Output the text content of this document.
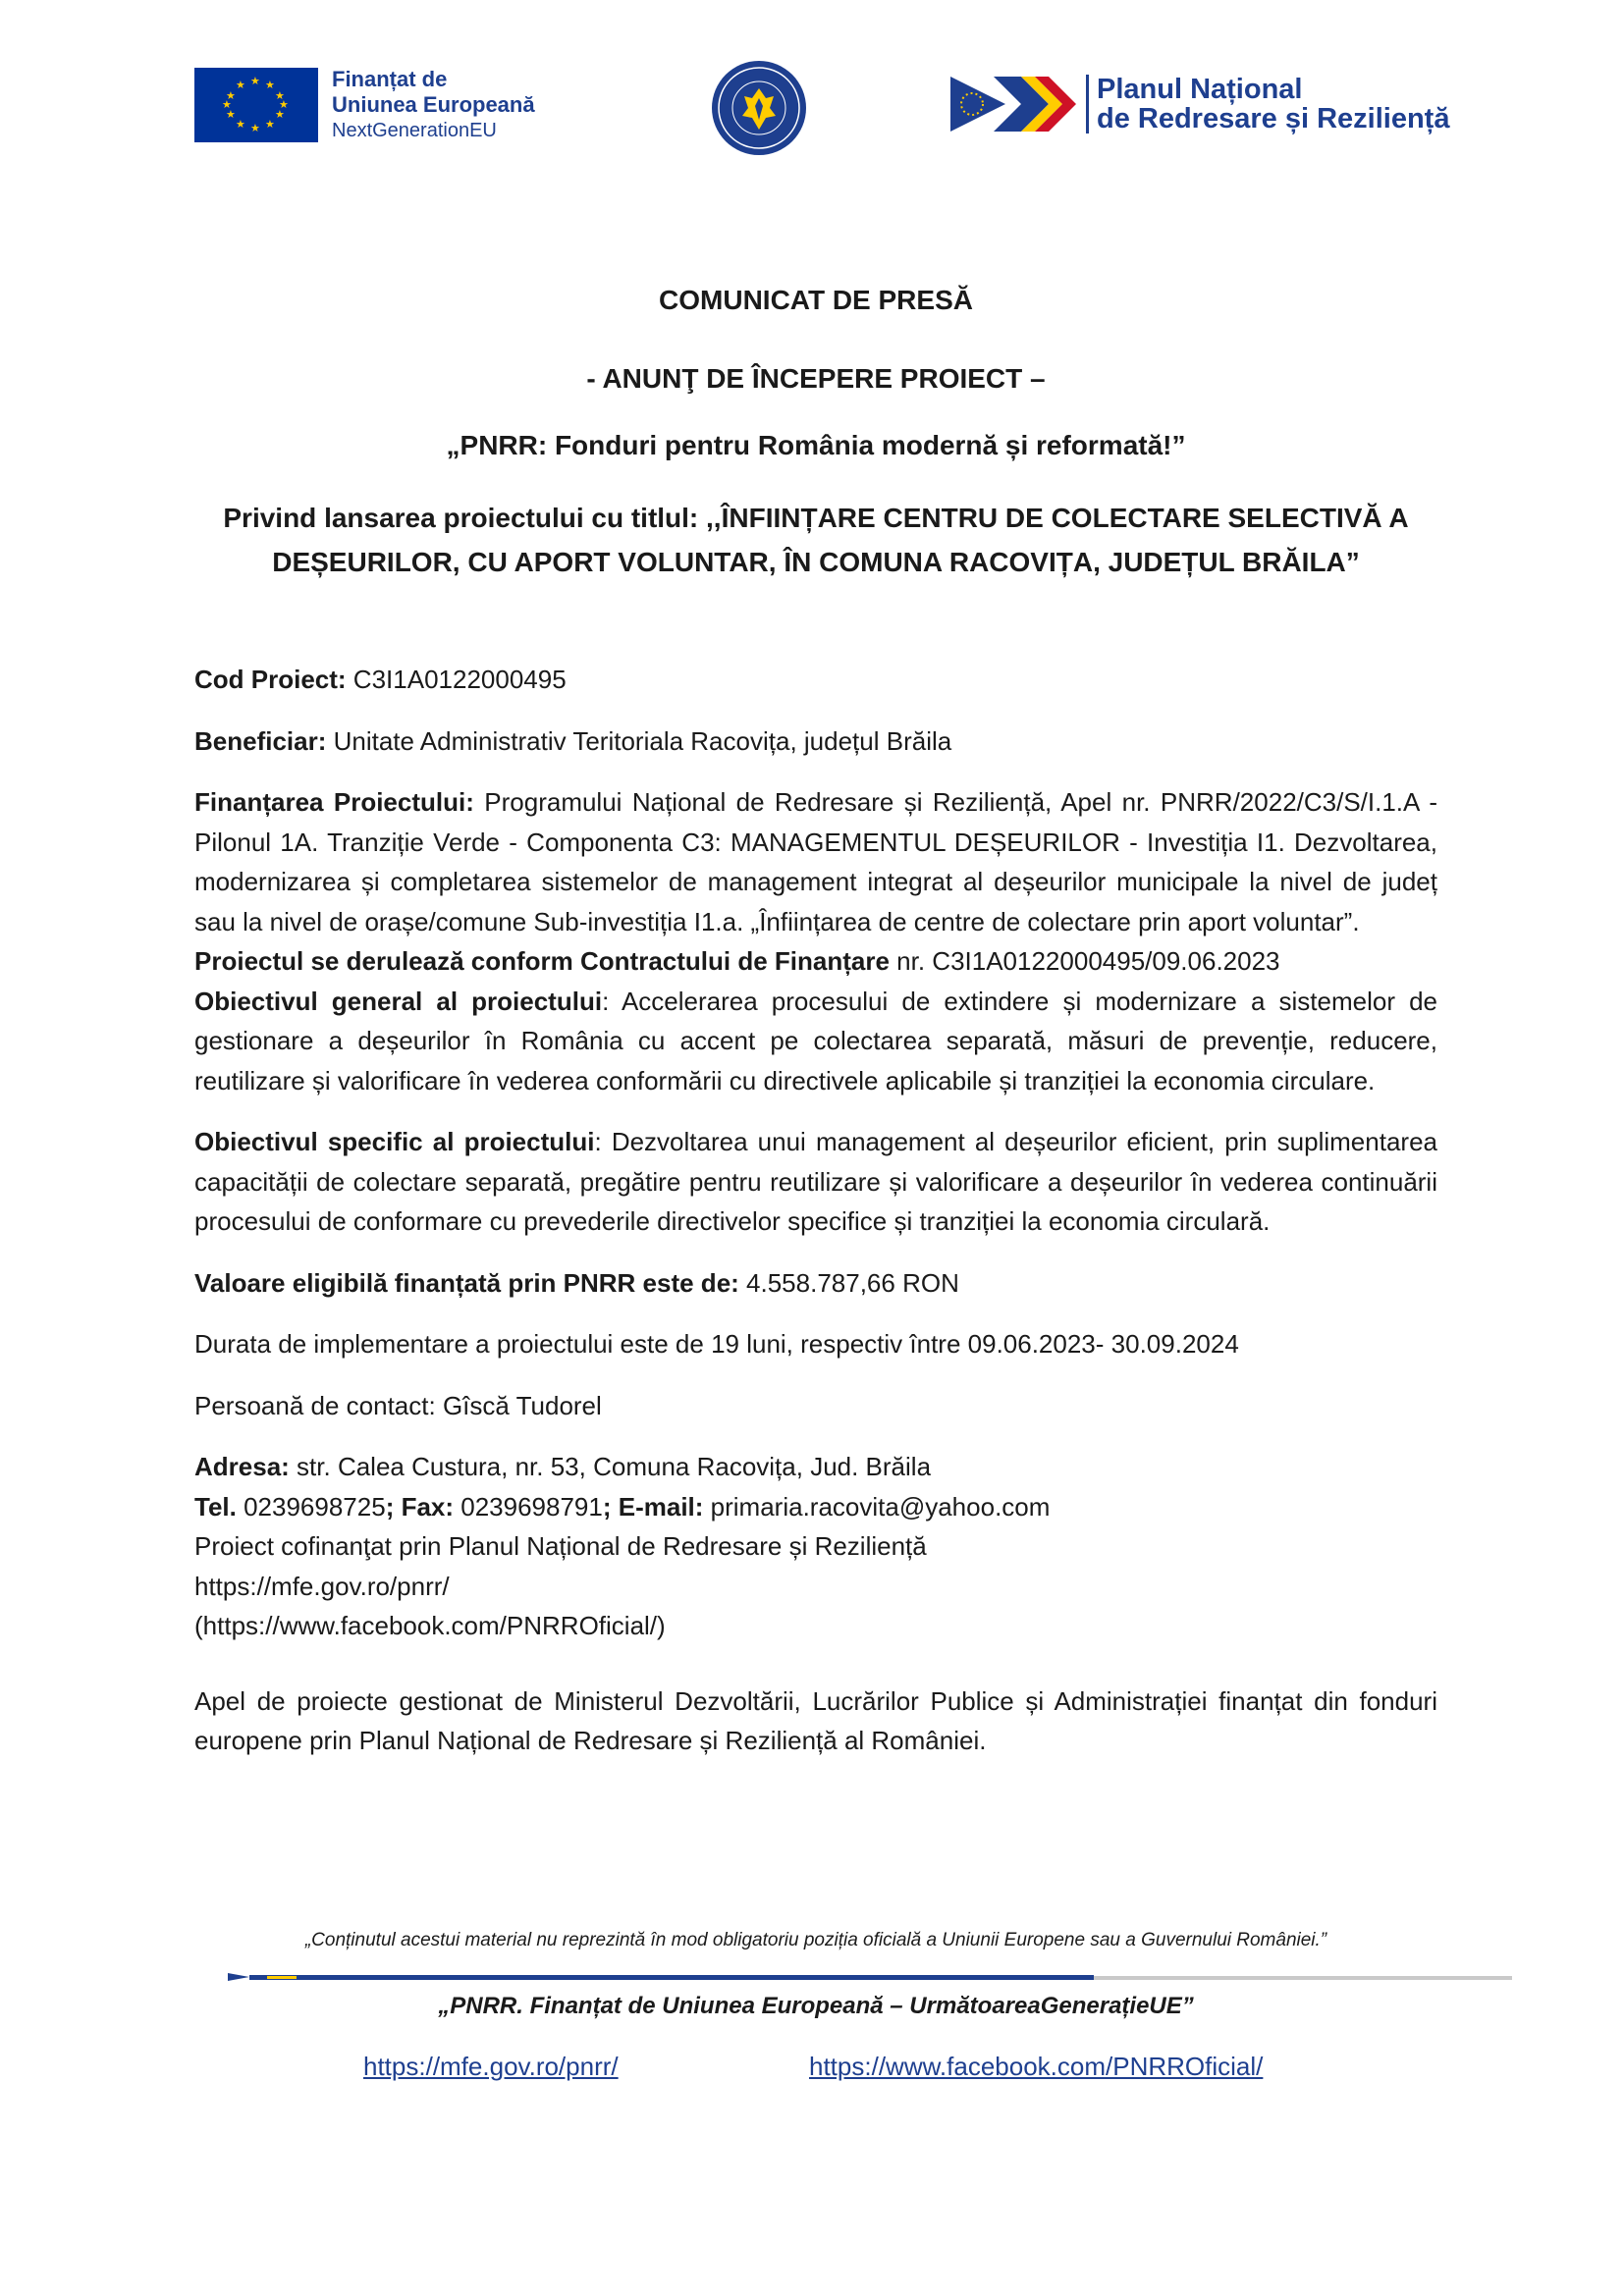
★ ★
★
★
★
★
★
★
★
★
★
★	Finanțat de
Uniunea Europeană
NextGenerationEU
Planul Național
de Redresare și Reziliență
COMUNICAT DE PRESĂ
- ANUNŢ DE ÎNCEPERE PROIECT –
„PNRR: Fonduri pentru România modernă și reformată!”
Privind lansarea proiectului cu titlul: ,,ÎNFIINȚARE CENTRU DE COLECTARE SELECTIVĂ A
DEȘEURILOR, CU APORT VOLUNTAR, ÎN COMUNA RACOVIȚA, JUDEȚUL BRĂILA”

Cod Proiect: C3I1A0122000495

Beneficiar: Unitate Administrativ Teritoriala Racovița, județul Brăila

Finanțarea Proiectului: Programului Național de Redresare și Reziliență, Apel nr. PNRR/2022/C3/S/I.1.A - Pilonul 1A. Tranziție Verde - Componenta C3: MANAGEMENTUL DEȘEURILOR - Investiția I1. Dezvoltarea, modernizarea și completarea sistemelor de management integrat al deșeurilor municipale la nivel de județ sau la nivel de orașe/comune Sub-investiția I1.a. „Înființarea de centre de colectare prin aport voluntar”.

Proiectul se derulează conform Contractului de Finanțare nr. C3I1A0122000495/09.06.2023

Obiectivul general al proiectului: Accelerarea procesului de extindere și modernizare a sistemelor de gestionare a deșeurilor în România cu accent pe colectarea separată, măsuri de prevenție, reducere, reutilizare și valorificare în vederea conformării cu directivele aplicabile și tranziției la economia circulare.

Obiectivul specific al proiectului: Dezvoltarea unui management al deșeurilor eficient, prin suplimentarea capacității de colectare separată, pregătire pentru reutilizare și valorificare a deșeurilor în vederea continuării procesului de conformare cu prevederile directivelor specifice și tranziției la economia circulară.

Valoare eligibilă finanțată prin PNRR este de: 4.558.787,66 RON

Durata de implementare a proiectului este de 19 luni, respectiv între 09.06.2023- 30.09.2024

Persoană de contact: Gîscă Tudorel

Adresa: str. Calea Custura, nr. 53, Comuna Racovița, Jud. Brăila

Tel. 0239698725; Fax: 0239698791; E-mail: primaria.racovita@yahoo.com

Proiect cofinanţat prin Planul Național de Redresare și Reziliență

https://mfe.gov.ro/pnrr/

(https://www.facebook.com/PNRROficial/)

Apel de proiecte gestionat de Ministerul Dezvoltării, Lucrărilor Publice și Administrației finanțat din fonduri europene prin Planul Național de Redresare și Reziliență al României.

„Conținutul acestui material nu reprezintă în mod obligatoriu poziția oficială a Uniunii Europene sau a Guvernului României.”
„PNRR. Finanțat de Uniunea Europeană – UrmătoareaGenerațieUE”
https://mfe.gov.ro/pnrr/	https://www.facebook.com/PNRROficial/
